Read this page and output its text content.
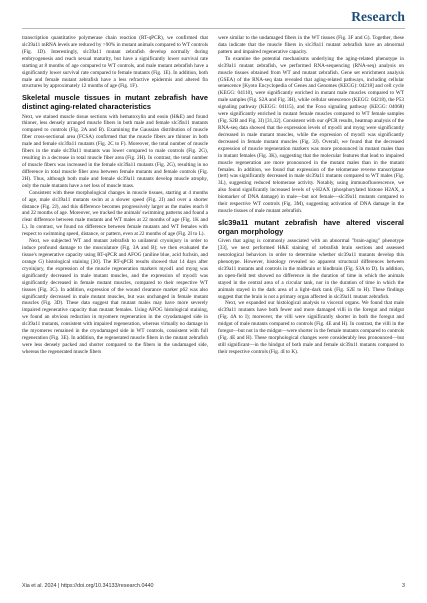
Research

transcription quantitative polymerase chain reaction (RT-qPCR), we confirmed that slc39a11 mRNA levels are reduced by >90% in mutant animals compared to WT controls (Fig. 1D). Interestingly, slc39a11 mutant zebrafish develop normally during embryogenesis and reach sexual maturity, but have a significantly lower survival rate starting at 8 months of age compared to WT controls, and male mutant zebrafish have a significantly lower survival rate compared to female mutants (Fig. 1E). In addition, both male and female mutant zebrafish have a less refractive epidermis and altered fin structures by approximately 12 months of age (Fig. 1F).

Skeletal muscle tissues in mutant zebrafish have distinct aging-related characteristics

Next, we stained muscle tissue sections with hematoxylin and eosin (H&E) and found thinner, less densely arranged muscle fibers in both male and female slc39a11 mutants compared to controls (Fig. 2A and B). Examining the Gaussian distribution of muscle fiber cross-sectional area (FCSA) confirmed that the muscle fibers are thinner in both male and female slc39a11 mutants (Fig. 2C to F). Moreover, the total number of muscle fibers in the male slc39a11 mutants was lower compared to male controls (Fig. 2G), resulting in a decrease in total muscle fiber area (Fig. 2H). In contrast, the total number of muscle fibers was increased in the female slc39a11 mutants (Fig. 2G), resulting in no difference in total muscle fiber area between female mutants and female controls (Fig. 2H). Thus, although both male and female slc39a11 mutants develop muscle atrophy, only the male mutants have a net loss of muscle mass.

Consistent with these morphological changes in muscle tissues, starting at 4 months of age, male slc39a11 mutants swim at a slower speed (Fig. 2I) and over a shorter distance (Fig. 2J), and this difference becomes progressively larger as the males reach 8 and 22 months of age. Moreover, we tracked the animals' swimming patterns and found a clear difference between male mutants and WT males at 22 months of age (Fig. 1K and L). In contrast, we found no difference between female mutants and WT females with respect to swimming speed, distance, or pattern, even at 22 months of age (Fig. 2I to L).

Next, we subjected WT and mutant zebrafish to unilateral cryoinjury in order to induce profound damage to the musculature (Fig. 3A and B); we then evaluated the tissue's regenerative capacity using RT-qPCR and AFOG (aniline blue, acid fuchsin, and orange G) histological staining [30]. The RT-qPCR results showed that 14 days after cryoinjury, the expression of the muscle regeneration markers myod1 and myog was significantly decreased in male mutant muscles, and the expression of myod1 was significantly decreased in female mutant muscles, compared to their respective WT tissues (Fig. 3C). In addition, expression of the wound clearance marker p62 was also significantly decreased in male mutant muscles, but was unchanged in female mutant muscles (Fig. 3D). These data suggest that mutant males may have more severely impaired regenerative capacity than mutant females. Using AFOG histological staining, we found an obvious reduction in myomere regeneration in the cryodamaged side in slc39a11 mutants, consistent with impaired regeneration, whereas virtually no damage in the myomeres remained in the cryodamaged side in WT controls, consistent with full regeneration (Fig. 3E). In addition, the regenerated muscle fibers in the mutant zebrafish were less densely packed and shorter compared to the fibers in the undamaged side, whereas the regenerated muscle fibers

were similar to the undamaged fibers in the WT tissues (Fig. 3F and G). Together, these data indicate that the muscle fibers in slc39a11 mutant zebrafish have an abnormal pattern and impaired regenerative capacity.

To examine the potential mechanisms underlying the aging-related phenotype in slc39a11 mutant zebrafish, we performed RNA-sequencing (RNA-seq) analysis on muscle tissues obtained from WT and mutant zebrafish. Gene set enrichment analysis (GSEA) of the RNA-seq data revealed that aging-related pathways, including cellular senescence [Kyoto Encyclopedia of Genes and Genomes (KEGG): 04218] and cell cycle (KEGG: 04110), were significantly enriched in mutant male muscles compared to WT male samples (Fig. S2A and Fig. 3H), while cellular senescence (KEGG: 04218), the P53 signaling pathway (KEGG: 04115), and the Foxo signaling pathway (KEGG: 04068) were significantly enriched in mutant female muscles compared to WT female samples (Fig. S2B and Fig. 3I) [31,32]. Consistent with our qPCR results, heatmap analysis of the RNA-seq data showed that the expression levels of myod1 and myog were significantly decreased in male mutant muscles, while the expression of myod1 was significantly decreased in female mutant muscles (Fig. 3J). Overall, we found that the decreased expression of muscle regeneration markers was more pronounced in mutant males than in mutant females (Fig. 3K), suggesting that the molecular features that lead to impaired muscle regeneration are more pronounced in the mutant males than in the mutant females. In addition, we found that expression of the telomerase reverse transcriptase (tert) was significantly decreased in male slc39a11 mutants compared to WT males (Fig. 3L), suggesting reduced telomerase activity. Notably, using immunofluorescence, we also found significantly increased levels of γ-H2AX (phosphorylated histone H2AX, a biomarker of DNA damage) in male—but not female—slc39a11 mutants compared to their respective WT controls (Fig. 3M), suggesting activation of DNA damage in the muscle tissues of male mutant zebrafish.

slc39a11 mutant zebrafish have altered visceral organ morphology

Given that aging is commonly associated with an abnormal "brain-aging" phenotype [33], we next performed H&E staining of zebrafish brain sections and assessed neurological behaviors in order to determine whether slc39a11 mutants develop this phenotype. However, histology revealed no apparent structural differences between slc39a11 mutants and controls in the midbrain or hindbrain (Fig. S3A to D). In addition, an open-field test showed no difference in the duration of time in which the animals stayed in the central area of a circular tank, nor in the duration of time in which the animals stayed in the dark area of a light–dark tank (Fig. S2E to H). These findings suggest that the brain is not a primary organ affected in slc39a11 mutant zebrafish.

Next, we expanded our histological analysis to visceral organs. We found that male slc39a11 mutants have both fewer and more damaged villi in the foregut and midgut (Fig. 4A to I); moreover, the villi were significantly shorter in both the foregut and midgut of male mutants compared to controls (Fig. 4E and H). In contrast, the villi in the foregut—but not in the midgut—were shorter in the female mutants compared to controls (Fig. 4E and H). These morphological changes were considerably less pronounced—but still significant—in the hindgut of both male and female slc39a11 mutants compared to their respective controls (Fig. 4I to K).

Xia et al. 2024 | https://doi.org/10.34133/research.0440	3
